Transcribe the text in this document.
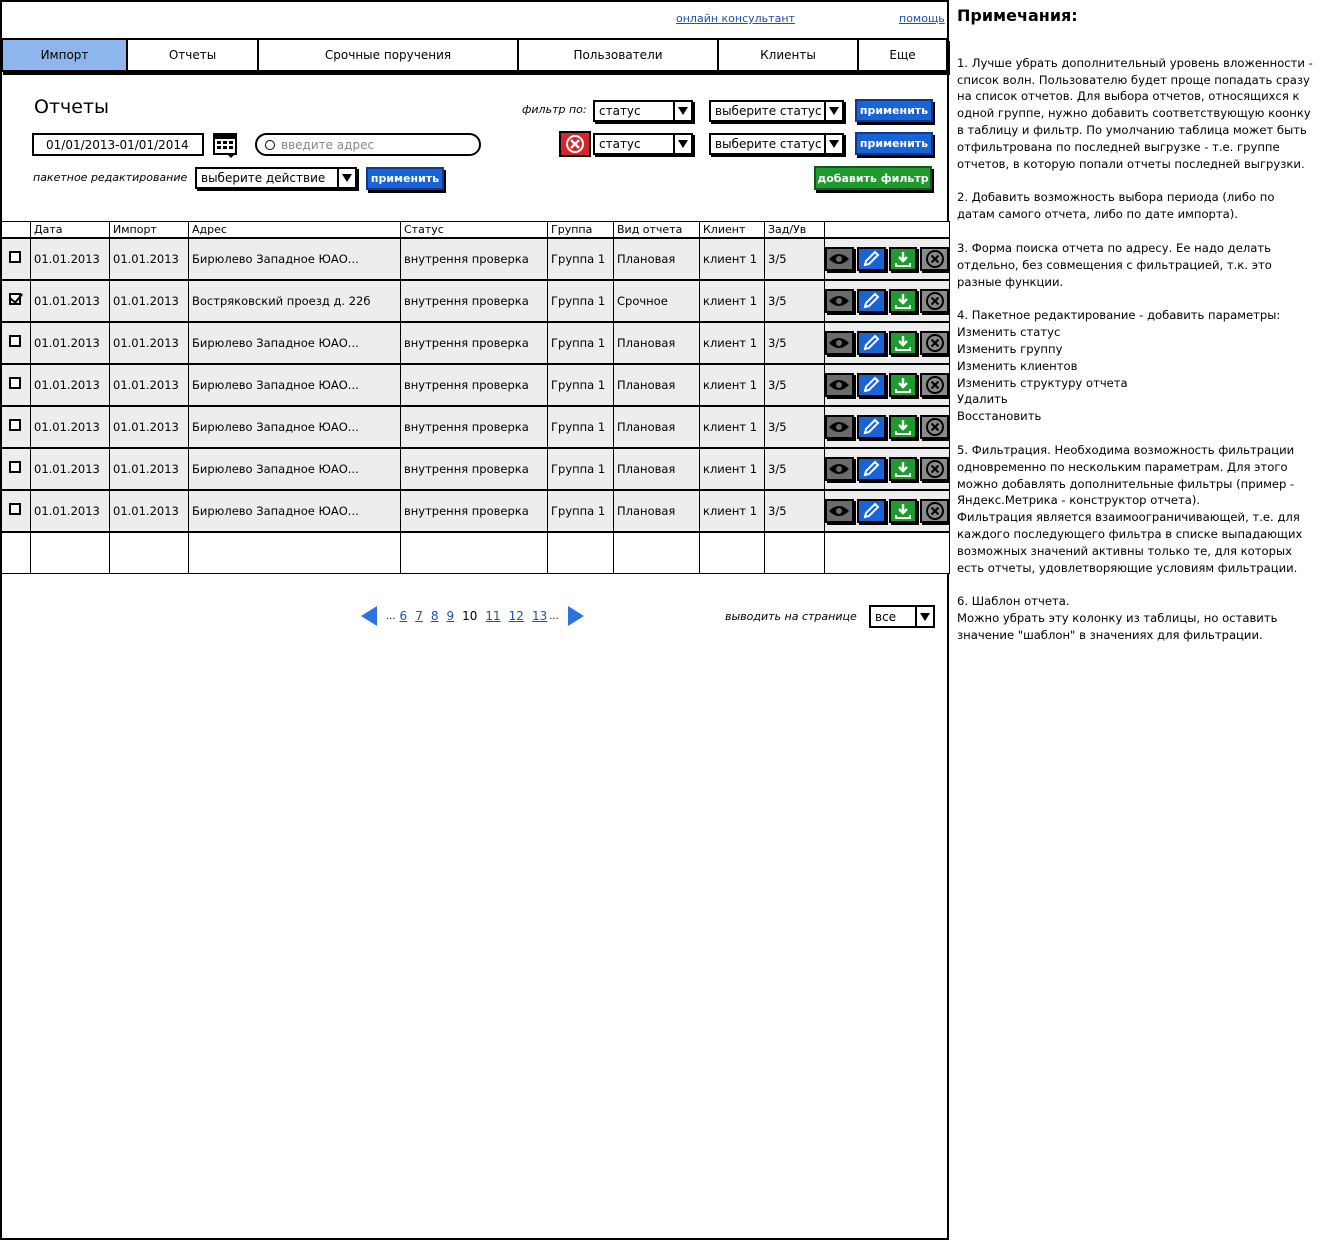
онлайн консультант	помощь
Импорт	Отчеты	Срочные поручения	Пользователи	Клиенты	Еще
Отчеты
01/01/2013-01/01/2014	введите адрес
фильтр по: статус	выберите статус	применить
статус	выберите статус	применить
пакетное редактирование выберите действие	применить	добавить фильтр
	Дата	Импорт	Адрес	Статус	Группа	Вид отчета	Клиент	Зад/Ув	
	01.01.2013	01.01.2013	Бирюлево Западное ЮАО...	внутрення проверка	Группа 1	Плановая	клиент 1	3/5	

	01.01.2013	01.01.2013	Востряковский проезд д. 22б	внутрення проверка	Группа 1	Срочное	клиент 1	3/5	

	01.01.2013	01.01.2013	Бирюлево Западное ЮАО...	внутрення проверка	Группа 1	Плановая	клиент 1	3/5	

	01.01.2013	01.01.2013	Бирюлево Западное ЮАО...	внутрення проверка	Группа 1	Плановая	клиент 1	3/5	

	01.01.2013	01.01.2013	Бирюлево Западное ЮАО...	внутрення проверка	Группа 1	Плановая	клиент 1	3/5	

	01.01.2013	01.01.2013	Бирюлево Западное ЮАО...	внутрення проверка	Группа 1	Плановая	клиент 1	3/5	

	01.01.2013	01.01.2013	Бирюлево Западное ЮАО...	внутрення проверка	Группа 1	Плановая	клиент 1	3/5	

... 6 7 8 9 10 11 12 13 ...	выводить на странице все
Примечания:

1. Лучше убрать дополнительный уровень вложенности - список волн. Пользователю будет проще попадать сразу на список отчетов. Для выбора отчетов, относящихся к одной группе, нужно добавить соответствующую коонку в таблицу и фильтр. По умолчанию таблица может быть отфильтрована по последней выгрузке - т.е. группе отчетов, в которую попали отчеты последней выгрузки.

2. Добавить возможность выбора периода (либо по датам самого отчета, либо по дате импорта).

3. Форма поиска отчета по адресу. Ее надо делать отдельно, без совмещения с фильтрацией, т.к. это разные функции.

4. Пакетное редактирование - добавить параметры:
Изменить статус
Изменить группу
Изменить клиентов
Изменить структуру отчета
Удалить
Восстановить

5. Фильтрация. Необходима возможность фильтрации одновременно по нескольким параметрам. Для этого можно добавлять дополнительные фильтры (пример - Яндекс.Метрика - конструктор отчета).
Фильтрация является взаимоограничивающей, т.е. для каждого последующего фильтра в списке выпадающих возможных значений активны только те, для которых есть отчеты, удовлетворяющие условиям фильтрации.

6. Шаблон отчета.
Можно убрать эту колонку из таблицы, но оставить значение "шаблон" в значениях для фильтрации.
